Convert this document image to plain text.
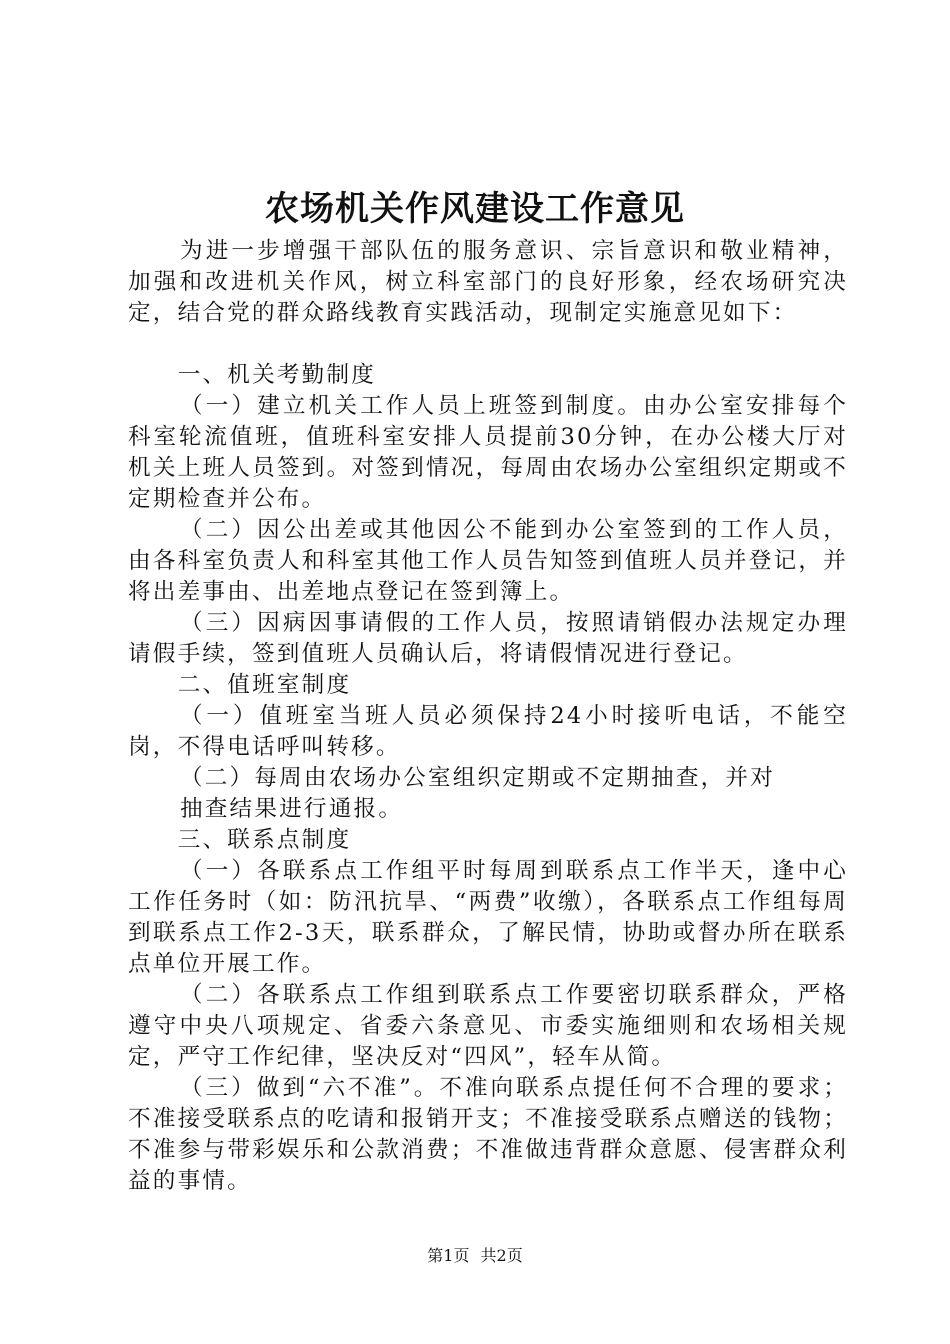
农场机关作风建设工作意见

为进一步增强干部队伍的服务意识、宗旨意识和敬业精神，加强和改进机关作风，树立科室部门的良好形象，经农场研究决定，结合党的群众路线教育实践活动，现制定实施意见如下：

一、机关考勤制度

（一）建立机关工作人员上班签到制度。由办公室安排每个科室轮流值班，值班科室安排人员提前30分钟，在办公楼大厅对机关上班人员签到。对签到情况，每周由农场办公室组织定期或不定期检查并公布。

（二）因公出差或其他因公不能到办公室签到的工作人员，由各科室负责人和科室其他工作人员告知签到值班人员并登记，并将出差事由、出差地点登记在签到簿上。

（三）因病因事请假的工作人员，按照请销假办法规定办理请假手续，签到值班人员确认后，将请假情况进行登记。

二、值班室制度

（一）值班室当班人员必须保持24小时接听电话，不能空岗，不得电话呼叫转移。

（二）每周由农场办公室组织定期或不定期抽查，并对

抽查结果进行通报。

三、联系点制度

（一）各联系点工作组平时每周到联系点工作半天，逢中心工作任务时（如：防汛抗旱、“两费”收缴），各联系点工作组每周到联系点工作2-3天，联系群众，了解民情，协助或督办所在联系点单位开展工作。

（二）各联系点工作组到联系点工作要密切联系群众，严格遵守中央八项规定、省委六条意见、市委实施细则和农场相关规定，严守工作纪律，坚决反对“四风”，轻车从简。

（三）做到“六不准”。不准向联系点提任何不合理的要求；不准接受联系点的吃请和报销开支；不准接受联系点赠送的钱物；不准参与带彩娱乐和公款消费；不准做违背群众意愿、侵害群众利益的事情。

第1页 共2页
